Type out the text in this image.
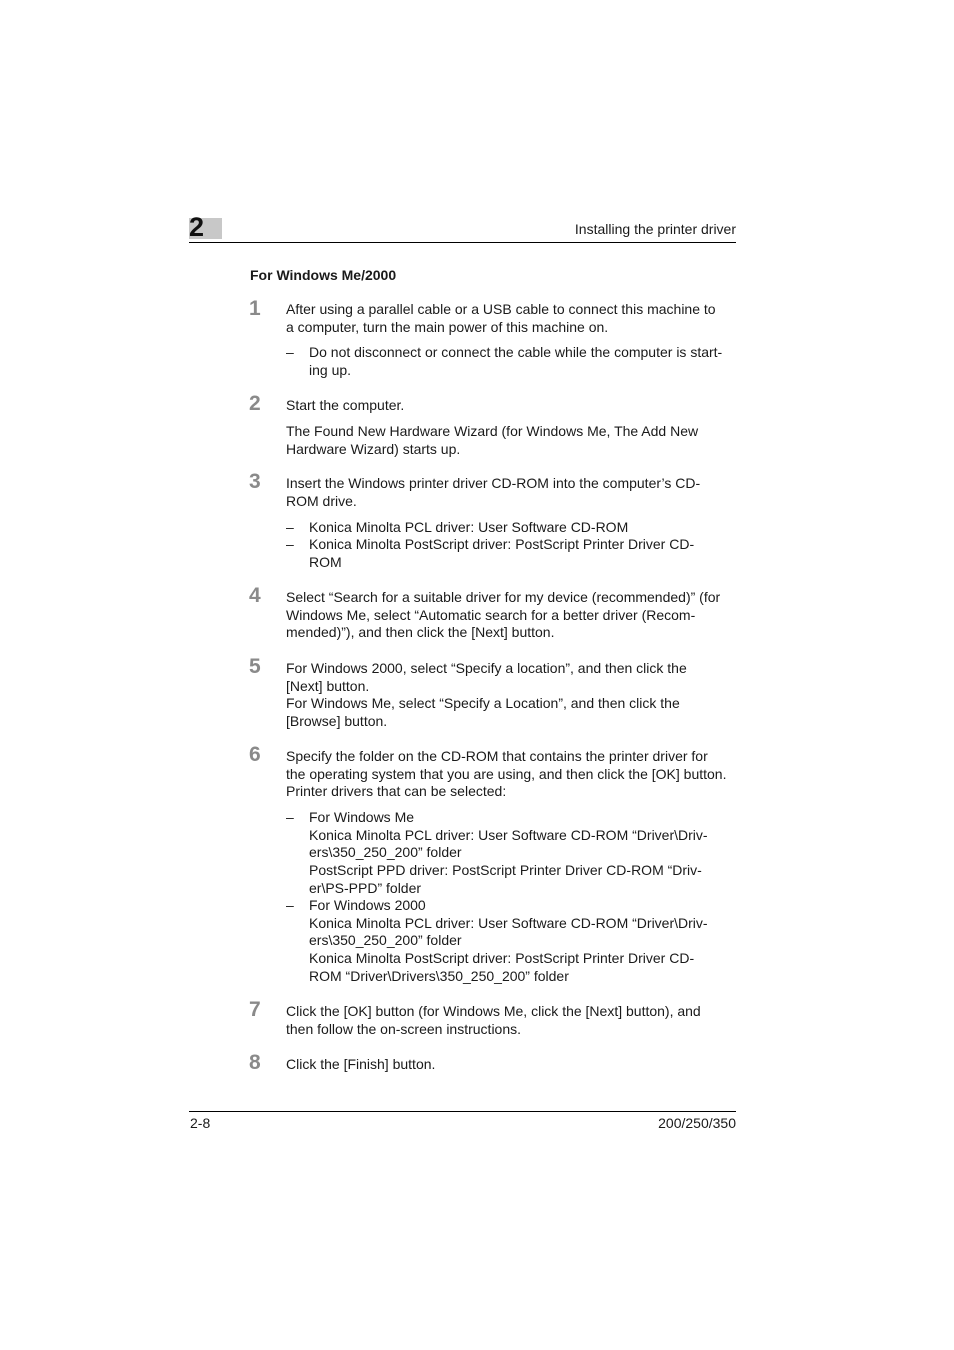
2	Installing the printer driver
For Windows Me/2000
1 After using a parallel cable or a USB cable to connect this machine to
a computer, turn the main power of this machine on.
– Do not disconnect or connect the cable while the computer is start-
ing up.
2 Start the computer.
The Found New Hardware Wizard (for Windows Me, The Add New
Hardware Wizard) starts up.
3 Insert the Windows printer driver CD-ROM into the computer’s CD-
ROM drive.
– Konica Minolta PCL driver: User Software CD-ROM
– Konica Minolta PostScript driver: PostScript Printer Driver CD-
ROM
4 Select “Search for a suitable driver for my device (recommended)” (for
Windows Me, select “Automatic search for a better driver (Recom-
mended)”), and then click the [Next] button.
5 For Windows 2000, select “Specify a location”, and then click the
[Next] button.
For Windows Me, select “Specify a Location”, and then click the
[Browse] button.
6 Specify the folder on the CD-ROM that contains the printer driver for
the operating system that you are using, and then click the [OK] button.
Printer drivers that can be selected:
– For Windows Me
Konica Minolta PCL driver: User Software CD-ROM “Driver\Driv-
ers\350_250_200” folder
PostScript PPD driver: PostScript Printer Driver CD-ROM “Driv-
er\PS-PPD” folder
– For Windows 2000
Konica Minolta PCL driver: User Software CD-ROM “Driver\Driv-
ers\350_250_200” folder
Konica Minolta PostScript driver: PostScript Printer Driver CD-
ROM “Driver\Drivers\350_250_200” folder
7 Click the [OK] button (for Windows Me, click the [Next] button), and
then follow the on-screen instructions.
8 Click the [Finish] button.
2-8	200/250/350
